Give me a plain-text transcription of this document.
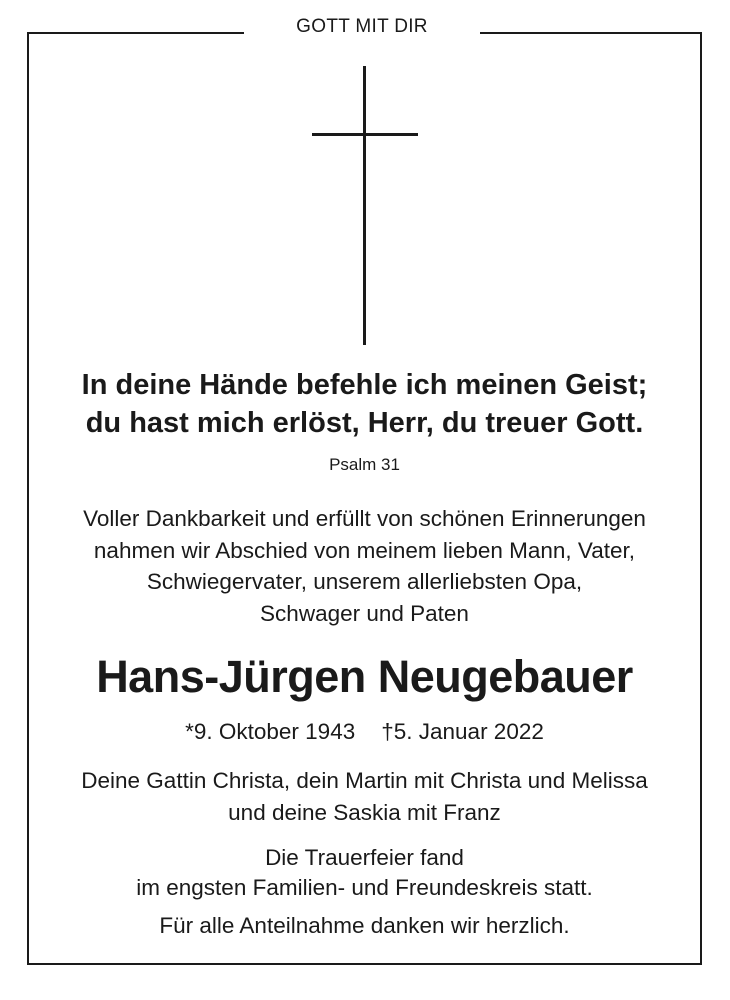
GOTT MIT DIR
In deine Hände befehle ich meinen Geist;
du hast mich erlöst, Herr, du treuer Gott.
Psalm 31
Voller Dankbarkeit und erfüllt von schönen Erinnerungen
nahmen wir Abschied von meinem lieben Mann, Vater,
Schwiegervater, unserem allerliebsten Opa,
Schwager und Paten
Hans-Jürgen Neugebauer
*9. Oktober 1943 †5. Januar 2022
Deine Gattin Christa, dein Martin mit Christa und Melissa
und deine Saskia mit Franz
Die Trauerfeier fand
im engsten Familien- und Freundeskreis statt.
Für alle Anteilnahme danken wir herzlich.
